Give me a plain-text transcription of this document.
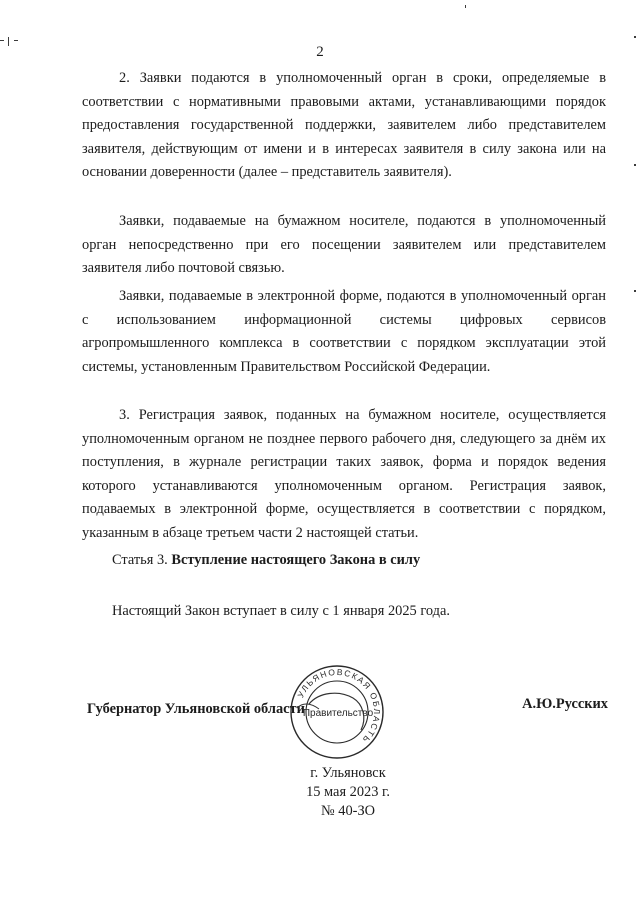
2

2. Заявки подаются в уполномоченный орган в сроки, определяемые в соответствии с нормативными правовыми актами, устанавливающими порядок предоставления государственной поддержки, заявителем либо представителем заявителя, действующим от имени и в интересах заявителя в силу закона или на основании доверенности (далее – представитель заявителя).

Заявки, подаваемые на бумажном носителе, подаются в уполномоченный орган непосредственно при его посещении заявителем или представителем заявителя либо почтовой связью.

Заявки, подаваемые в электронной форме, подаются в уполномоченный орган с использованием информационной системы цифровых сервисов агропромышленного комплекса в соответствии с порядком эксплуатации этой системы, установленным Правительством Российской Федерации.

3. Регистрация заявок, поданных на бумажном носителе, осуществляется уполномоченным органом не позднее первого рабочего дня, следующего за днём их поступления, в журнале регистрации таких заявок, форма и порядок ведения которого устанавливаются уполномоченным органом. Регистрация заявок, подаваемых в электронной форме, осуществляется в соответствии с порядком, указанным в абзаце третьем части 2 настоящей статьи.

Статья 3. Вступление настоящего Закона в силу
Настоящий Закон вступает в силу с 1 января 2025 года.
Губернатор Ульяновской области
УЛЬЯНОВСКАЯ ОБЛАСТЬ
Правительство
А.Ю.Русских
г. Ульяновск
15 мая 2023 г.
№ 40-ЗО
